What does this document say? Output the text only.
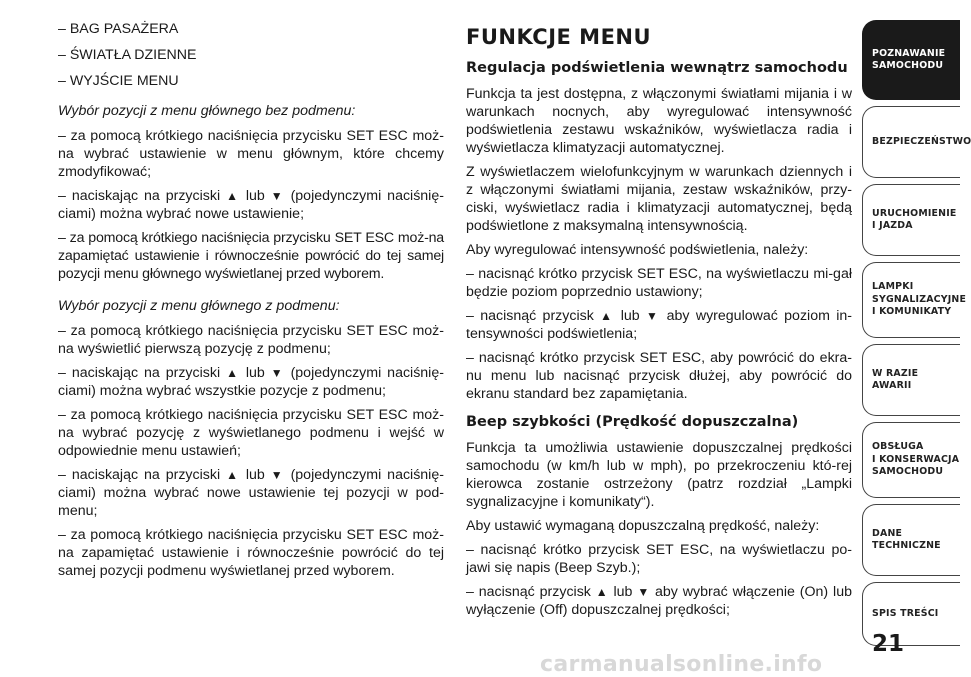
– BAG PASAŻERA

– ŚWIATŁA DZIENNE

– WYJŚCIE MENU

Wybór pozycji z menu głównego bez podmenu:

– za pomocą krótkiego naciśnięcia przycisku SET ESC moż-na wybrać ustawienie w menu głównym, które chcemy zmodyfikować;

– naciskając na przyciski ▲ lub ▼ (pojedynczymi naciśnię-ciami) można wybrać nowe ustawienie;

– za pomocą krótkiego naciśnięcia przycisku SET ESC moż-na zapamiętać ustawienie i równocześnie powrócić do tej samej pozycji menu głównego wyświetlanej przed wyborem.

Wybór pozycji z menu głównego z podmenu:

– za pomocą krótkiego naciśnięcia przycisku SET ESC moż-na wyświetlić pierwszą pozycję z podmenu;

– naciskając na przyciski ▲ lub ▼ (pojedynczymi naciśnię-ciami) można wybrać wszystkie pozycje z podmenu;

– za pomocą krótkiego naciśnięcia przycisku SET ESC moż-na wybrać pozycję z wyświetlanego podmenu i wejść w odpowiednie menu ustawień;

– naciskając na przyciski ▲ lub ▼ (pojedynczymi naciśnię-ciami) można wybrać nowe ustawienie tej pozycji w pod-menu;

– za pomocą krótkiego naciśnięcia przycisku SET ESC moż-na zapamiętać ustawienie i równocześnie powrócić do tej samej pozycji podmenu wyświetlanej przed wyborem.

FUNKCJE MENU
Regulacja podświetlenia wewnątrz samochodu

Funkcja ta jest dostępna, z włączonymi światłami mijania i w warunkach nocnych, aby wyregulować intensywność podświetlenia zestawu wskaźników, wyświetlacza radia i wyświetlacza klimatyzacji automatycznej.

Z wyświetlaczem wielofunkcyjnym w warunkach dziennych i z włączonymi światłami mijania, zestaw wskaźników, przy-ciski, wyświetlacz radia i klimatyzacji automatycznej, będą podświetlone z maksymalną intensywnością.

Aby wyregulować intensywność podświetlenia, należy:

– nacisnąć krótko przycisk SET ESC, na wyświetlaczu mi-gał będzie poziom poprzednio ustawiony;

– nacisnąć przycisk ▲ lub ▼ aby wyregulować poziom in-tensywności podświetlenia;

– nacisnąć krótko przycisk SET ESC, aby powrócić do ekra-nu menu lub nacisnąć przycisk dłużej, aby powrócić do ekranu standard bez zapamiętania.

Beep szybkości (Prędkość dopuszczalna)

Funkcja ta umożliwia ustawienie dopuszczalnej prędkości samochodu (w km/h lub w mph), po przekroczeniu któ-rej kierowca zostanie ostrzeżony (patrz rozdział „Lampki sygnalizacyjne i komunikaty“).

Aby ustawić wymaganą dopuszczalną prędkość, należy:

– nacisnąć krótko przycisk SET ESC, na wyświetlaczu po-jawi się napis (Beep Szyb.);

– nacisnąć przycisk ▲ lub ▼ aby wybrać włączenie (On) lub wyłączenie (Off) dopuszczalnej prędkości;

POZNAWANIE
SAMOCHODU
BEZPIECZEŃSTWO
URUCHOMIENIE
I JAZDA
LAMPKI
SYGNALIZACYJNE
I KOMUNIKATY
W RAZIE AWARII
OBSŁUGA
I KONSERWACJA
SAMOCHODU
DANE
TECHNICZNE
SPIS TREŚCI
21
carmanualsonline.info
